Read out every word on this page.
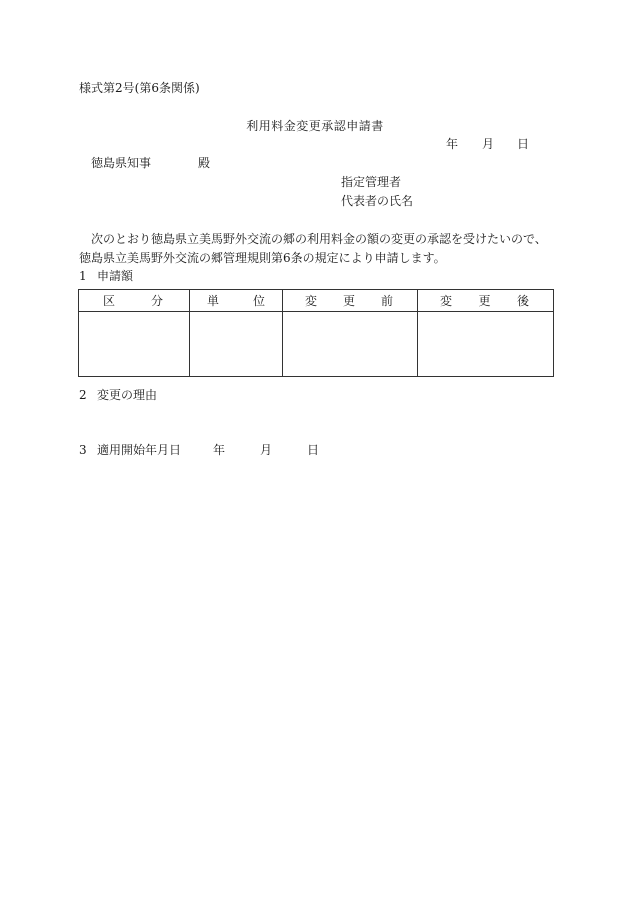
様式第2号(第6条関係)
利用料金変更承認申請書
年 月 日
徳島県知事	殿
指定管理者
代表者の氏名
次のとおり徳島県立美馬野外交流の郷の利用料金の額の変更の承認を受けたいので、徳島県立美馬野外交流の郷管理規則第6条の規定により申請します。
1 申請額
区 分	単 位	変 更 前	変 更 後

2 変更の理由
3 適用開始年月日	年	月	日
